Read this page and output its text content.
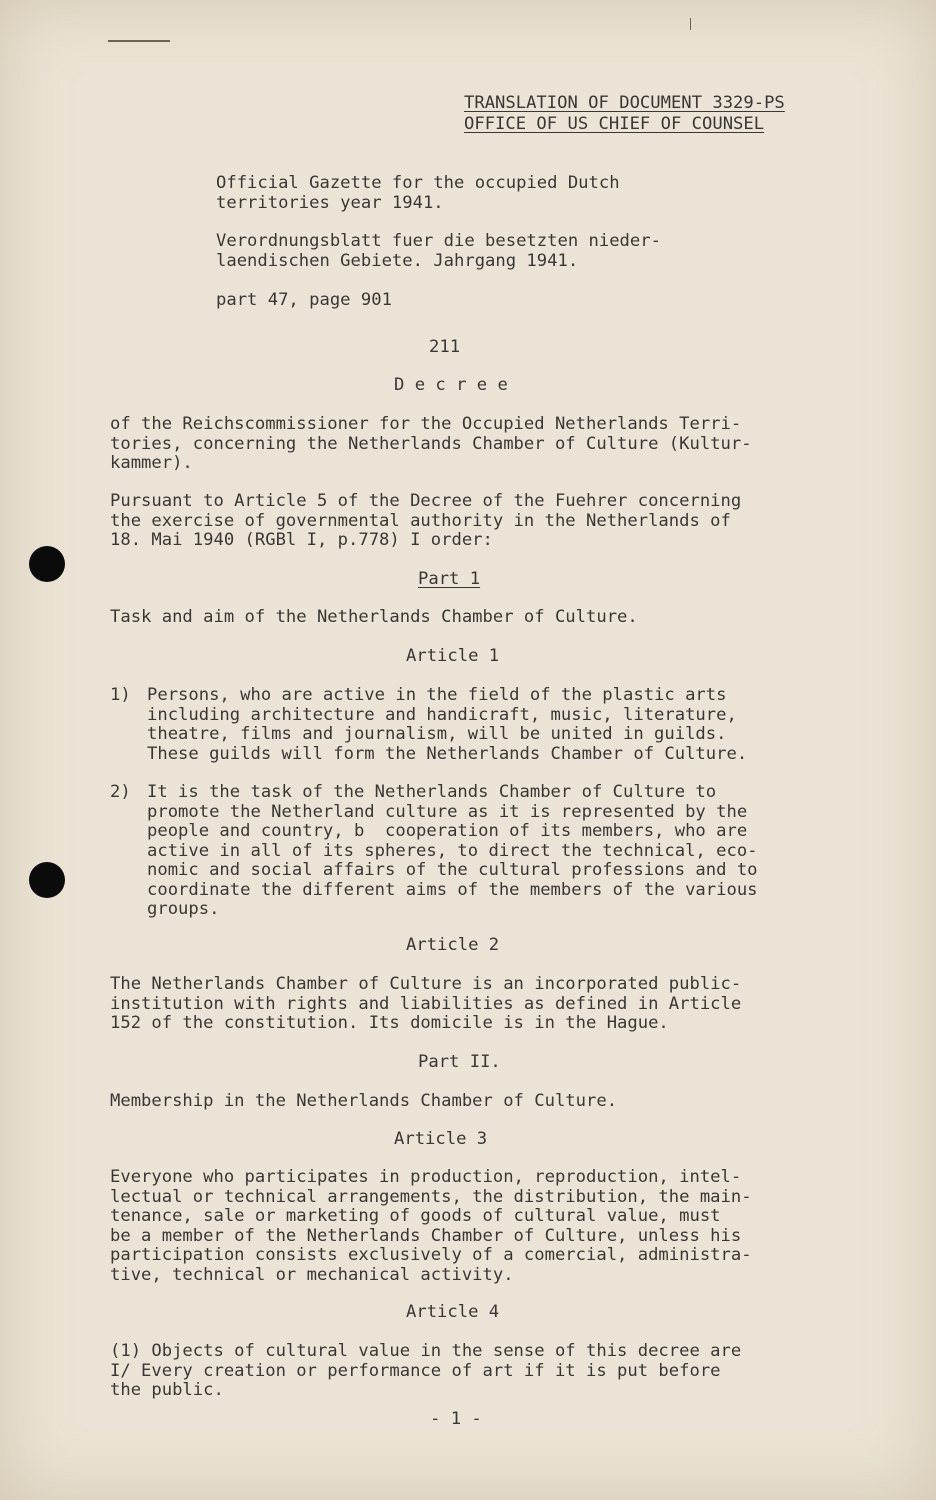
TRANSLATION OF DOCUMENT 3329-PS
OFFICE OF US CHIEF OF COUNSEL
Official Gazette for the occupied Dutch
territories year 1941.
Verordnungsblatt fuer die besetzten nieder-
laendischen Gebiete. Jahrgang 1941.
part 47, page 901
211
D e c r e e
of the Reichscommissioner for the Occupied Netherlands Terri-
tories, concerning the Netherlands Chamber of Culture (Kultur-
kammer).
Pursuant to Article 5 of the Decree of the Fuehrer concerning
the exercise of governmental authority in the Netherlands of
18. Mai 1940 (RGBl I, p.778) I order:
Part 1
Task and aim of the Netherlands Chamber of Culture.
Article 1
1) Persons, who are active in the field of the plastic arts
including architecture and handicraft, music, literature,
theatre, films and journalism, will be united in guilds.
These guilds will form the Netherlands Chamber of Culture.
2) It is the task of the Netherlands Chamber of Culture to
promote the Netherland culture as it is represented by the
people and country, b  cooperation of its members, who are
active in all of its spheres, to direct the technical, eco-
nomic and social affairs of the cultural professions and to
coordinate the different aims of the members of the various
groups.
Article 2
The Netherlands Chamber of Culture is an incorporated public-
institution with rights and liabilities as defined in Article
152 of the constitution. Its domicile is in the Hague.
Part II.
Membership in the Netherlands Chamber of Culture.
Article 3
Everyone who participates in production, reproduction, intel-
lectual or technical arrangements, the distribution, the main-
tenance, sale or marketing of goods of cultural value, must
be a member of the Netherlands Chamber of Culture, unless his
participation consists exclusively of a comercial, administra-
tive, technical or mechanical activity.
Article 4
(1) Objects of cultural value in the sense of this decree are
I/ Every creation or performance of art if it is put before
the public.
- 1 -
